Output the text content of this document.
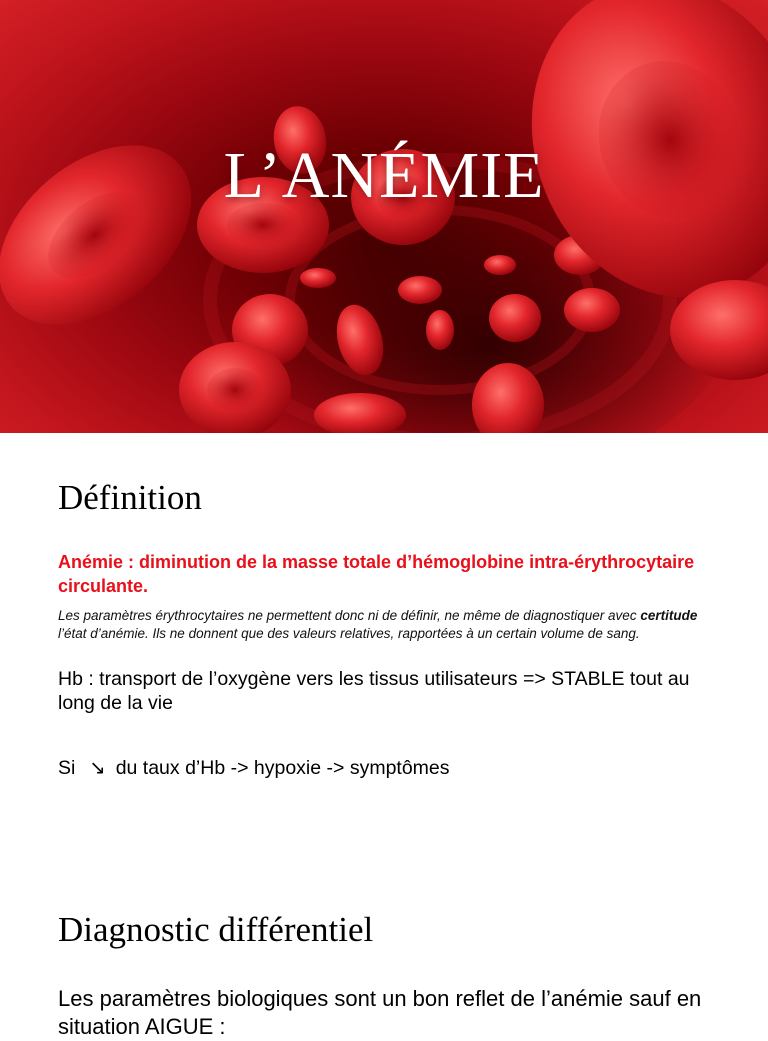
L’ANÉMIE
Définition
Anémie : diminution de la masse totale d’hémoglobine intra-érythrocytaire circulante.
Les paramètres érythrocytaires ne permettent donc ni de définir, ne même de diagnostiquer avec certitude l’état d’anémie. Ils ne donnent que des valeurs relatives, rapportées à un certain volume de sang.
Hb : transport de l’oxygène vers les tissus utilisateurs => STABLE tout au long de la vie
Si ↘ du taux d’Hb -> hypoxie -> symptômes
Diagnostic différentiel
Les paramètres biologiques sont un bon reflet de l’anémie sauf en situation AIGUE :
